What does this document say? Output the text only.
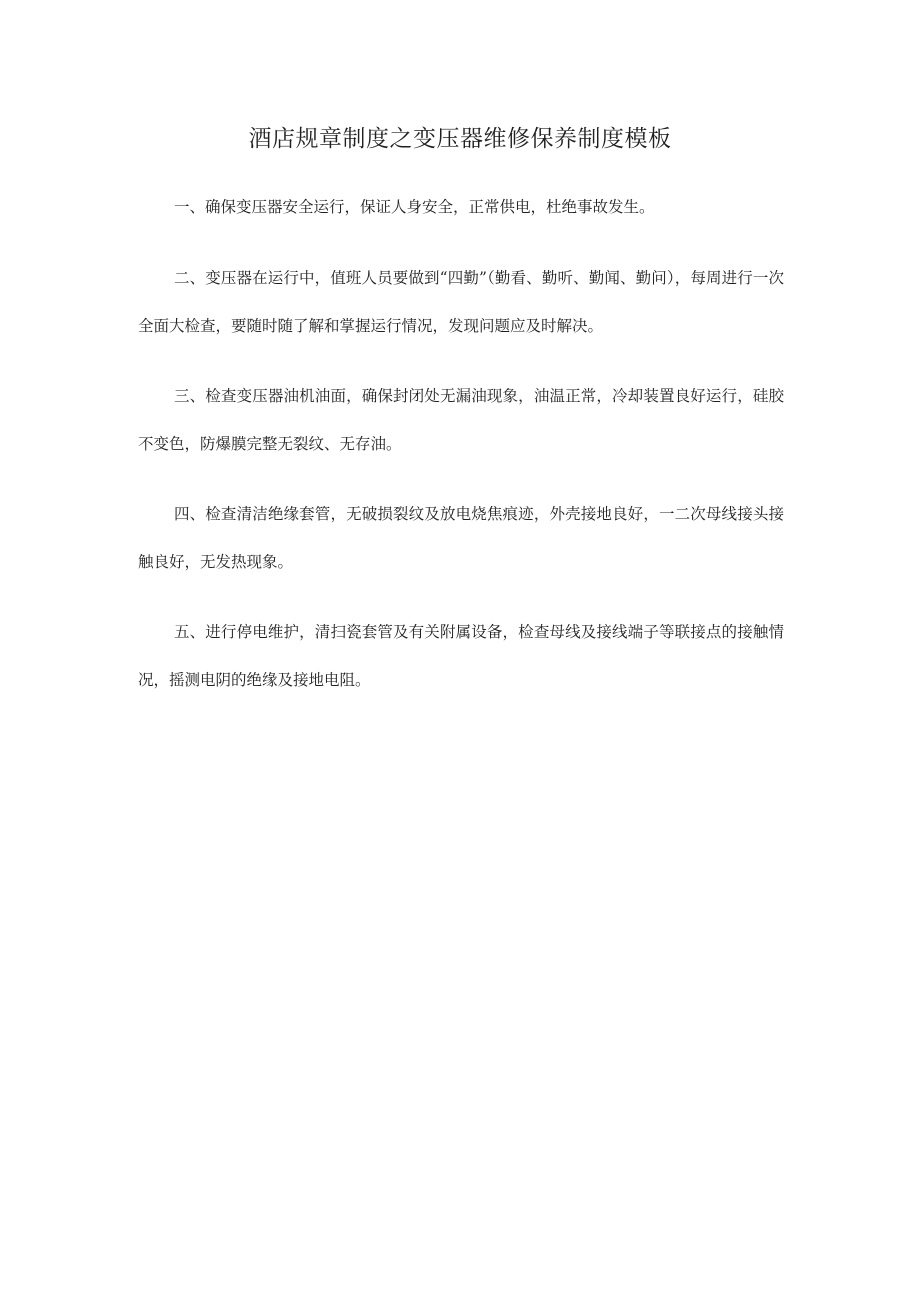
酒店规章制度之变压器维修保养制度模板

一、确保变压器安全运行，保证人身安全，正常供电，杜绝事故发生。

二、变压器在运行中，值班人员要做到“四勤”（勤看、勤听、勤闻、勤问），每周进行一次全面大检查，要随时随了解和掌握运行情况，发现问题应及时解决。

三、检查变压器油机油面，确保封闭处无漏油现象，油温正常，冷却装置良好运行，硅胶不变色，防爆膜完整无裂纹、无存油。

四、检查清洁绝缘套管，无破损裂纹及放电烧焦痕迹，外壳接地良好，一二次母线接头接触良好，无发热现象。

五、进行停电维护，清扫瓷套管及有关附属设备，检查母线及接线端子等联接点的接触情况，摇测电阴的绝缘及接地电阻。
